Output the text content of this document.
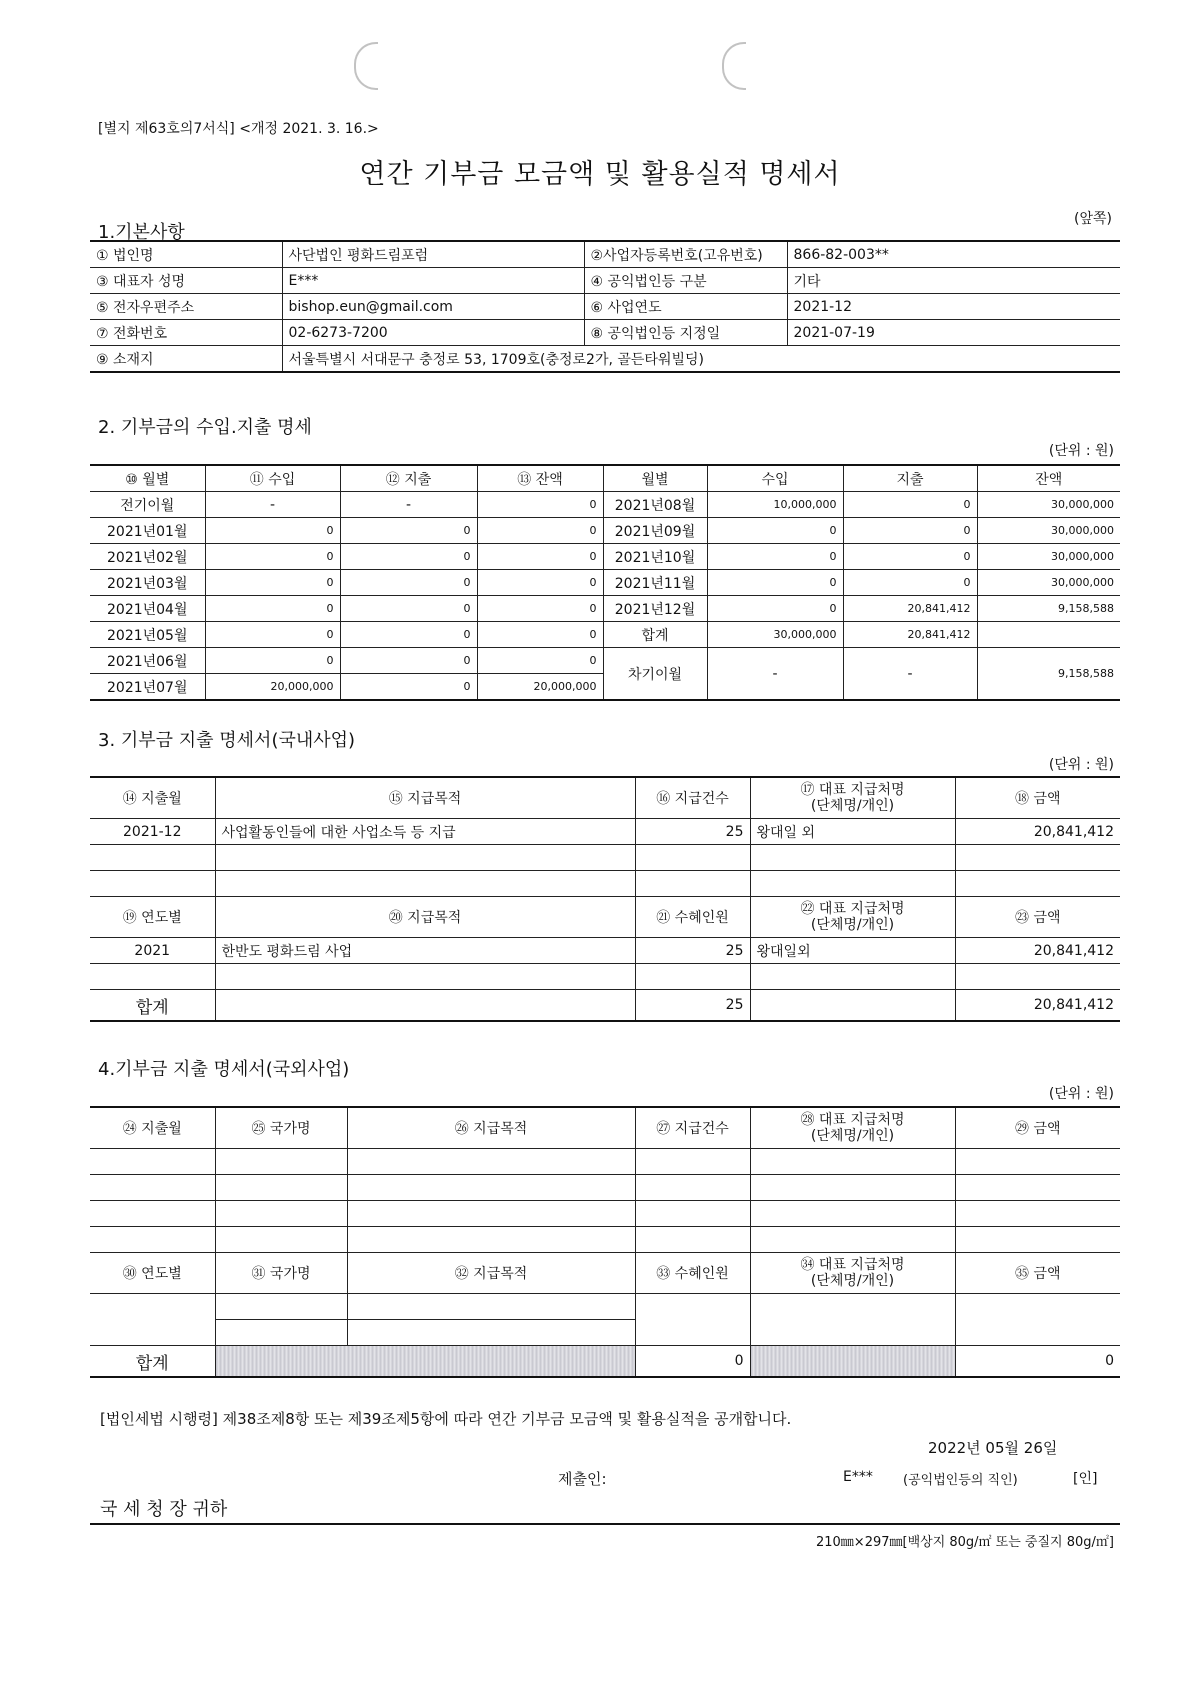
[별지 제63호의7서식] <개정 2021. 3. 16.>
연간 기부금 모금액 및 활용실적 명세서
(앞쪽)
1.기본사항
① 법인명	사단법인 평화드림포럼	②사업자등록번호(고유번호)	866-82-003**
③ 대표자 성명	E***	④ 공익법인등 구분	기타
⑤ 전자우편주소	bishop.eun@gmail.com	⑥ 사업연도	2021-12
⑦ 전화번호	02-6273-7200	⑧ 공익법인등 지정일	2021-07-19
⑨ 소재지	서울특별시 서대문구 충정로 53, 1709호(충정로2가, 골든타워빌딩)		
2. 기부금의 수입.지출 명세
(단위 : 원)
⑩ 월별	⑪ 수입	⑫ 지출	⑬ 잔액	월별	수입	지출	잔액
전기이월	-	-	0	2021년08월	10,000,000	0	30,000,000
2021년01월	0	0	0	2021년09월	0	0	30,000,000
2021년02월	0	0	0	2021년10월	0	0	30,000,000
2021년03월	0	0	0	2021년11월	0	0	30,000,000
2021년04월	0	0	0	2021년12월	0	20,841,412	9,158,588
2021년05월	0	0	0	합계	30,000,000	20,841,412	
2021년06월	0	0	0	차기이월	-	-	9,158,588
2021년07월	20,000,000	0	20,000,000				
3. 기부금 지출 명세서(국내사업)
(단위 : 원)
⑭ 지출월	⑮ 지급목적	⑯ 지급건수	⑰ 대표 지급처명
(단체명/개인)	⑱ 금액
2021-12	사업활동인들에 대한 사업소득 등 지급	25	왕대일 외	20,841,412

⑲ 연도별	⑳ 지급목적	㉑ 수혜인원	㉒ 대표 지급처명
(단체명/개인)	㉓ 금액
2021	한반도 평화드림 사업	25	왕대일외	20,841,412

합계		25		20,841,412
4.기부금 지출 명세서(국외사업)
(단위 : 원)
㉔ 지출월	㉕ 국가명	㉖ 지급목적	㉗ 지급건수	㉘ 대표 지급처명
(단체명/개인)	㉙ 금액

㉚ 연도별	㉛ 국가명	㉜ 지급목적	㉝ 수혜인원	㉞ 대표 지급처명
(단체명/개인)	㉟ 금액

합계			0		0
[법인세법 시행령] 제38조제8항 또는 제39조제5항에 따라 연간 기부금 모금액 및 활용실적을 공개합니다.
2022년 05월 26일
제출인:	E*** (공익법인등의 직인)	[인]
국 세 청 장 귀하
210㎜×297㎜[백상지 80g/㎡ 또는 중질지 80g/㎡]
